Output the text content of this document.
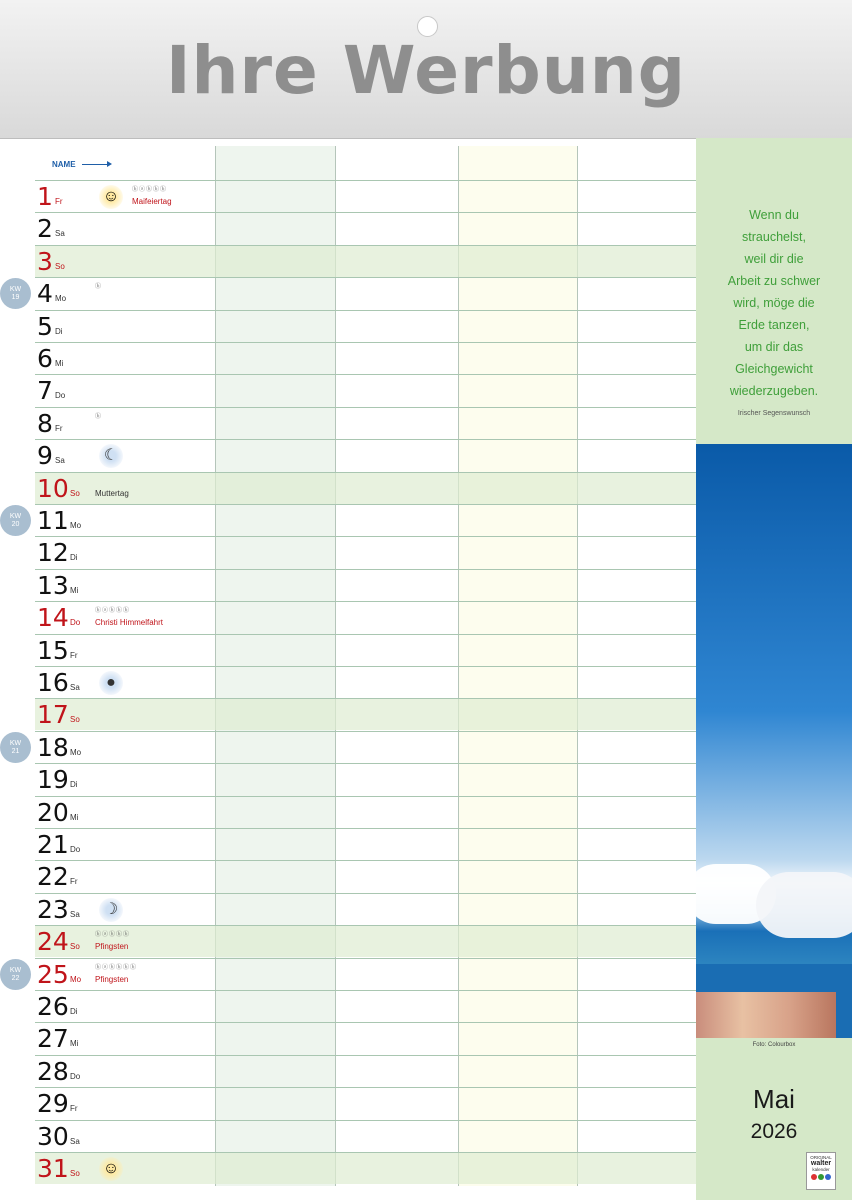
Ihre Werbung
NAME
1 Fr	☺	ⓑⓐⓗⓑⓑ
Maifeiertag
2 Sa
3 So
4 Mo
ⓑ
5 Di
6 Mi
7 Do
8 Fr
ⓑ
9 Sa	☾
10 So Muttertag
11 Mo
12 Di
13 Mi
14 Do
ⓑⓐⓗⓑⓑ
Christi Himmelfahrt
15 Fr
16 Sa	●
17 So
18 Mo
19 Di
20 Mi
21 Do
22 Fr
23 Sa	☽
24 So
ⓑⓐⓗⓑⓑ
Pfingsten
25 Mo
ⓑⓐⓗⓑⓑⓑ
Pfingsten
26 Di
27 Mi
28 Do
29 Fr
30 Sa
31 So ☺
KW
19
KW
20
KW
21
KW
22
Wenn du
strauchelst,
weil dir die
Arbeit zu schwer
wird, möge die
Erde tanzen,
um dir das
Gleichgewicht
wiederzugeben.
Irischer Segenswunsch
Foto: Colourbox
Mai
2026
ORIGINAL
walter
kalender
